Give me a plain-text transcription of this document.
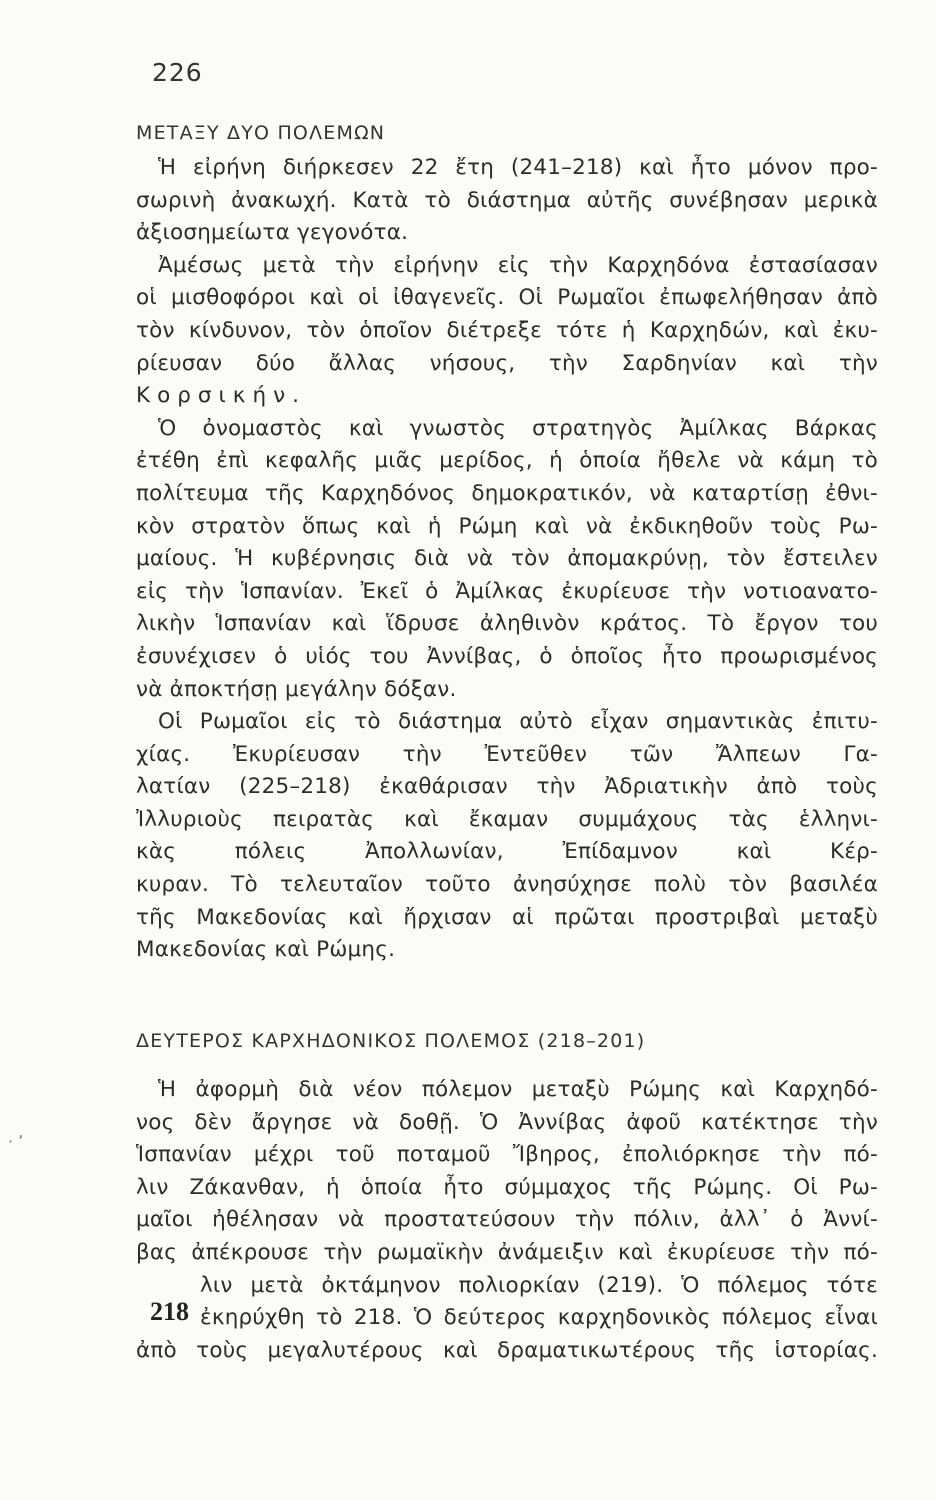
226
ΜΕΤΑΞΥ ΔΥΟ ΠΟΛΕΜΩΝ
Ἡ εἰρήνη διήρκεσεν 22 ἔτη (241–218) καὶ ἦτο μόνον προ-
σωρινὴ ἀνακωχή. Κατὰ τὸ διάστημα αὐτῆς συνέβησαν μερικὰ
ἀξιοσημείωτα γεγονότα.
Ἀμέσως μετὰ τὴν εἰρήνην εἰς τὴν Καρχηδόνα ἐστασίασαν
οἱ μισθοφόροι καὶ οἱ ἰθαγενεῖς. Οἱ Ρωμαῖοι ἐπωφελήθησαν ἀπὸ
τὸν κίνδυνον, τὸν ὁποῖον διέτρεξε τότε ἡ Καρχηδών, καὶ ἐκυ-
ρίευσαν δύο ἄλλας νήσους, τὴν Σαρδηνίαν καὶ τὴν
Κορσικήν.
Ὁ ὀνομαστὸς καὶ γνωστὸς στρατηγὸς Ἀμίλκας Βάρκας
ἐτέθη ἐπὶ κεφαλῆς μιᾶς μερίδος, ἡ ὁποία ἤθελε νὰ κάμη τὸ
πολίτευμα τῆς Καρχηδόνος δημοκρατικόν, νὰ καταρτίσῃ ἐθνι-
κὸν στρατὸν ὅπως καὶ ἡ Ρώμη καὶ νὰ ἐκδικηθοῦν τοὺς Ρω-
μαίους. Ἡ κυβέρνησις διὰ νὰ τὸν ἀπομακρύνῃ, τὸν ἔστειλεν
εἰς τὴν Ἱσπανίαν. Ἐκεῖ ὁ Ἀμίλκας ἐκυρίευσε τὴν νοτιοανατο-
λικὴν Ἱσπανίαν καὶ ἵδρυσε ἀληθινὸν κράτος. Τὸ ἔργον του
ἐσυνέχισεν ὁ υἱός του Ἀννίβας, ὁ ὁποῖος ἦτο προωρισμένος
νὰ ἀποκτήσῃ μεγάλην δόξαν.
Οἱ Ρωμαῖοι εἰς τὸ διάστημα αὐτὸ εἶχαν σημαντικὰς ἐπιτυ-
χίας. Ἐκυρίευσαν τὴν Ἐντεῦθεν τῶν Ἄλπεων Γα-
λατίαν (225–218) ἐκαθάρισαν τὴν Ἀδριατικὴν ἀπὸ τοὺς
Ἰλλυριοὺς πειρατὰς καὶ ἔκαμαν συμμάχους τὰς ἑλληνι-
κὰς πόλεις Ἀπολλωνίαν, Ἐπίδαμνον καὶ Κέρ-
κυραν. Τὸ τελευταῖον τοῦτο ἀνησύχησε πολὺ τὸν βασιλέα
τῆς Μακεδονίας καὶ ἤρχισαν αἱ πρῶται προστριβαὶ μεταξὺ
Μακεδονίας καὶ Ρώμης.
ΔΕΥΤΕΡΟΣ ΚΑΡΧΗΔΟΝΙΚΟΣ ΠΟΛΕΜΟΣ (218–201)
Ἡ ἀφορμὴ διὰ νέον πόλεμον μεταξὺ Ρώμης καὶ Καρχηδό-
νος δὲν ἄργησε νὰ δοθῇ. Ὁ Ἀννίβας ἀφοῦ κατέκτησε τὴν
Ἱσπανίαν μέχρι τοῦ ποταμοῦ Ἴβηρος, ἐπολιόρκησε τὴν πό-
λιν Ζάκανθαν, ἡ ὁποία ἦτο σύμμαχος τῆς Ρώμης. Οἱ Ρω-
μαῖοι ἠθέλησαν νὰ προστατεύσουν τὴν πόλιν, ἀλλ᾽ ὁ Ἀννί-
βας ἀπέκρουσε τὴν ρωμαϊκὴν ἀνάμειξιν καὶ ἐκυρίευσε τὴν πό-
λιν μετὰ ὀκτάμηνον πολιορκίαν (219). Ὁ πόλεμος τότε
ἐκηρύχθη τὸ 218. Ὁ δεύτερος καρχηδονικὸς πόλεμος εἶναι
ἀπὸ τοὺς μεγαλυτέρους καὶ δραματικωτέρους τῆς ἱστορίας.
218
· ʼ
